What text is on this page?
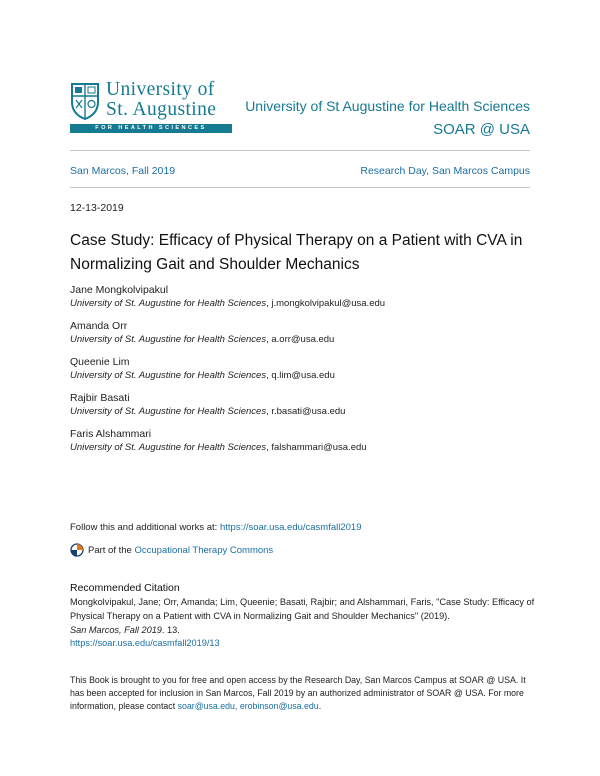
University of
St. Augustine
FOR HEALTH SCIENCES
University of St Augustine for Health Sciences
SOAR @ USA
San Marcos, Fall 2019	Research Day, San Marcos Campus
12-13-2019
Case Study: Efficacy of Physical Therapy on a Patient with CVA in Normalizing Gait and Shoulder Mechanics
Jane Mongkolvipakul
University of St. Augustine for Health Sciences, j.mongkolvipakul@usa.edu
Amanda Orr
University of St. Augustine for Health Sciences, a.orr@usa.edu
Queenie Lim
University of St. Augustine for Health Sciences, q.lim@usa.edu
Rajbir Basati
University of St. Augustine for Health Sciences, r.basati@usa.edu
Faris Alshammari
University of St. Augustine for Health Sciences, falshammari@usa.edu
Follow this and additional works at: https://soar.usa.edu/casmfall2019
Part of the
Occupational Therapy Commons
Recommended Citation
Mongkolvipakul, Jane; Orr, Amanda; Lim, Queenie; Basati, Rajbir; and Alshammari, Faris, "Case Study: Efficacy of Physical Therapy on a Patient with CVA in Normalizing Gait and Shoulder Mechanics" (2019).
San Marcos, Fall 2019. 13.
https://soar.usa.edu/casmfall2019/13
This Book is brought to you for free and open access by the Research Day, San Marcos Campus at SOAR @ USA. It has been accepted for inclusion in San Marcos, Fall 2019 by an authorized administrator of SOAR @ USA. For more information, please contact soar@usa.edu, erobinson@usa.edu.
